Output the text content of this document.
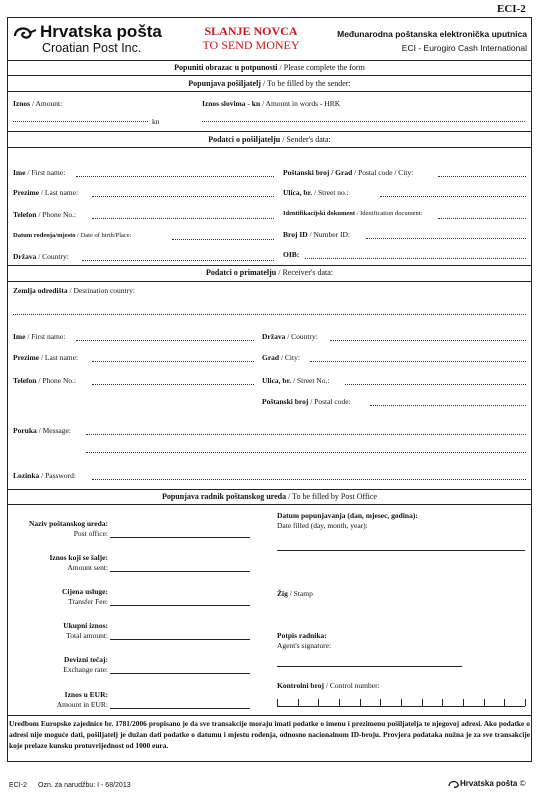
ECI-2
Hrvatska pošta
Croatian Post Inc.
SLANJE NOVCA
TO SEND MONEY
Međunarodna poštanska elektronička uputnica
ECI - Eurogiro Cash International
Popuniti obrazac u potpunosti / Please complete the form
Popunjava pošiljatelj / To be filled by the sender:
Iznos / Amount:
kn
Iznos slovima - kn / Amount in words - HRK
Podatci o pošiljatelju / Sender's data:
Ime / First name:
Prezime / Last name:
Telefon / Phone No.:
Datum rođenja/mjesto / Date of birth/Place:
Država / Country:
Poštanski broj / Grad / Postal code / City:
Ulica, br. / Street no.:
Identifikacijski dokument / Idenification document:
Broj ID / Number ID:
OIB:
Podatci o primatelju / Receiver's data:
Zemlja odredišta / Destination country:
Ime / First name:
Prezime / Last name:
Telefon / Phone No.:
Država / Country:
Grad / City:
Ulica, br. / Street No.:
Poštanski broj / Postal code:
Poruka / Message:
Lozinka / Password:
Popunjava radnik poštanskog ureda / To be filled by Post Office
Naziv poštanskog ureda:
Post office:
Iznos koji se šalje:
Amount sent:
Cijena usluge:
Transfer Fee:
Ukupni iznos:
Total amount:
Devizni tečaj:
Exchange rate:
Iznos u EUR:
Amount in EUR:
Datum popunjavanja (dan, mjesec, godina):
Date filled (day, month, year):
Žig / Stamp
Potpis radnika:
Agent's signature:
Kontrolni broj / Control number:
Uredbom Europske zajednice br. 1781/2006 propisano je da sve transakcije moraju imati podatke o imenu i prezimenu pošiljatelja te njegovoj adresi. Ako podatke o adresi nije moguće dati, pošiljatelj je dužan dati podatke o datumu i mjestu rođenja, odnosno nacionalnom ID-broju. Provjera podataka nužna je za sve transakcije koje prelaze kunsku protuvrijednost od 1000 eura.
ECI-2 Ozn. za narudžbu: I - 68/2013	Hrvatska pošta ©
